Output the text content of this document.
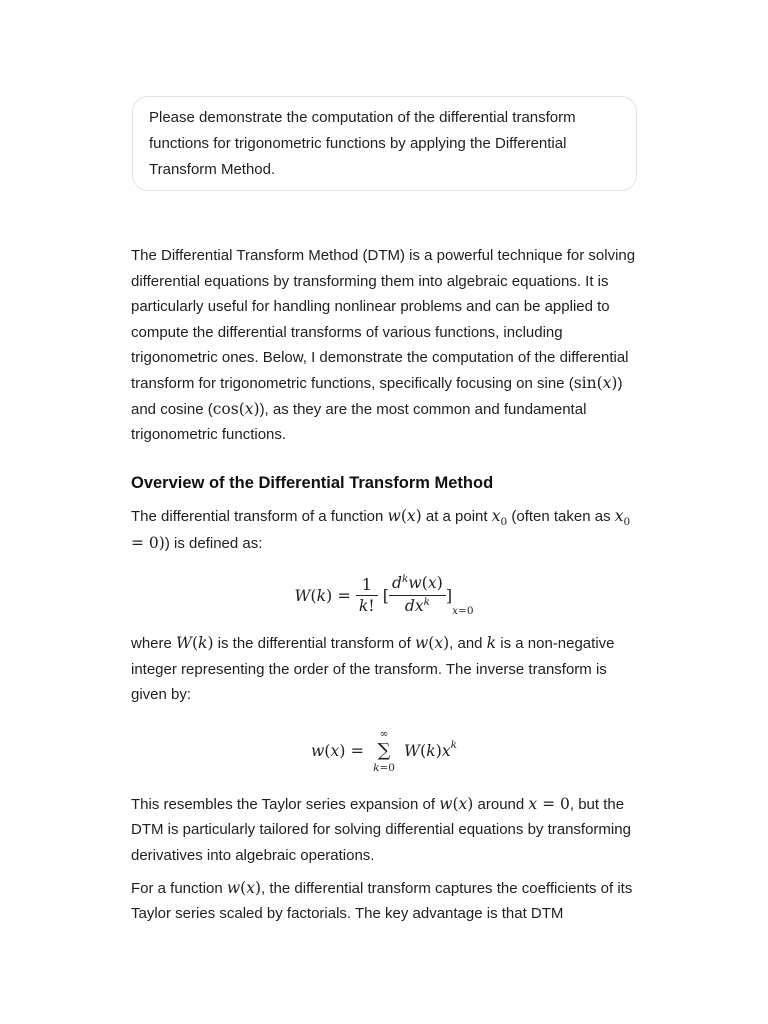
Please demonstrate the computation of the differential transform functions for trigonometric functions by applying the Differential Transform Method.

The Differential Transform Method (DTM) is a powerful technique for solving differential equations by transforming them into algebraic equations. It is particularly useful for handling nonlinear problems and can be applied to compute the differential transforms of various functions, including trigonometric ones. Below, I demonstrate the computation of the differential transform for trigonometric functions, specifically focusing on sine (sin(x)) and cosine (cos(x)), as they are the most common and fundamental trigonometric functions.

Overview of the Differential Transform Method

The differential transform of a function w(x) at a point $x_0$ (often taken as $x_0 = 0$)) is defined as:

W ( k ) = $\frac{1}{k!}$ [ $\frac{d^kw(x)}{dx^k}$ ]
x=0

where W(k) is the differential transform of w(x), and k is a non-negative integer representing the order of the transform. The inverse transform is given by:

w ( x ) =
∞
∑
k=0

W ( k ) x k

This resembles the Taylor series expansion of w(x) around x = 0, but the DTM is particularly tailored for solving differential equations by transforming derivatives into algebraic operations.

For a function w(x), the differential transform captures the coefficients of its Taylor series scaled by factorials. The key advantage is that DTM
